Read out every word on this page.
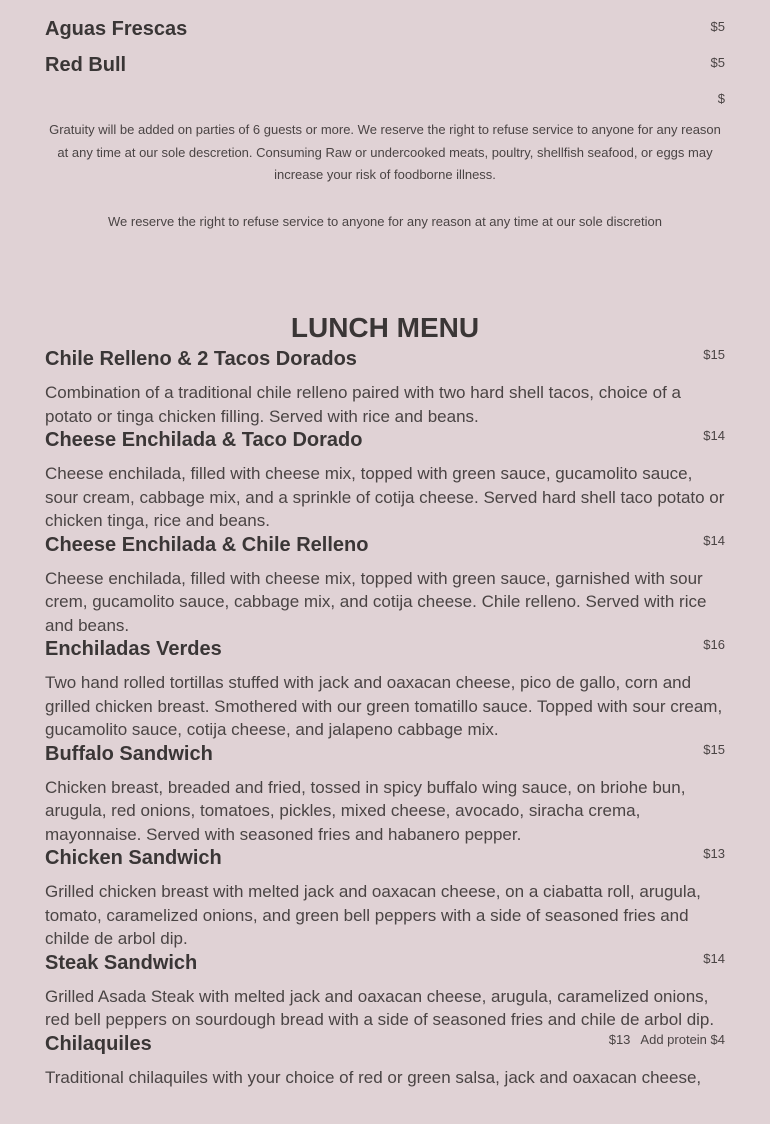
Aguas Frescas	$5
Red Bull	$5
$
Gratuity will be added on parties of 6 guests or more. We reserve the right to refuse service to anyone for any reason at any time at our sole descretion. Consuming Raw or undercooked meats, poultry, shellfish seafood, or eggs may increase your risk of foodborne illness.
We reserve the right to refuse service to anyone for any reason at any time at our sole discretion
LUNCH MENU
Chile Relleno & 2 Tacos Dorados	$15
Combination of a traditional chile relleno paired with two hard shell tacos, choice of a potato or tinga chicken filling. Served with rice and beans.
Cheese Enchilada & Taco Dorado	$14
Cheese enchilada, filled with cheese mix, topped with green sauce, gucamolito sauce, sour cream, cabbage mix, and a sprinkle of cotija cheese. Served hard shell taco potato or chicken tinga, rice and beans.
Cheese Enchilada & Chile Relleno	$14
Cheese enchilada, filled with cheese mix, topped with green sauce, garnished with sour crem, gucamolito sauce, cabbage mix, and cotija cheese. Chile relleno. Served with rice and beans.
Enchiladas Verdes	$16
Two hand rolled tortillas stuffed with jack and oaxacan cheese, pico de gallo, corn and grilled chicken breast. Smothered with our green tomatillo sauce. Topped with sour cream, gucamolito sauce, cotija cheese, and jalapeno cabbage mix.
Buffalo Sandwich	$15
Chicken breast, breaded and fried, tossed in spicy buffalo wing sauce, on briohe bun, arugula, red onions, tomatoes, pickles, mixed cheese, avocado, siracha crema, mayonnaise. Served with seasoned fries and habanero pepper.
Chicken Sandwich	$13
Grilled chicken breast with melted jack and oaxacan cheese, on a ciabatta roll, arugula, tomato, caramelized onions, and green bell peppers with a side of seasoned fries and childe de arbol dip.
Steak Sandwich	$14
Grilled Asada Steak with melted jack and oaxacan cheese, arugula, caramelized onions, red bell peppers on sourdough bread with a side of seasoned fries and chile de arbol dip.
Chilaquiles	$13 Add protein $4
Traditional chilaquiles with your choice of red or green salsa, jack and oaxacan cheese,
